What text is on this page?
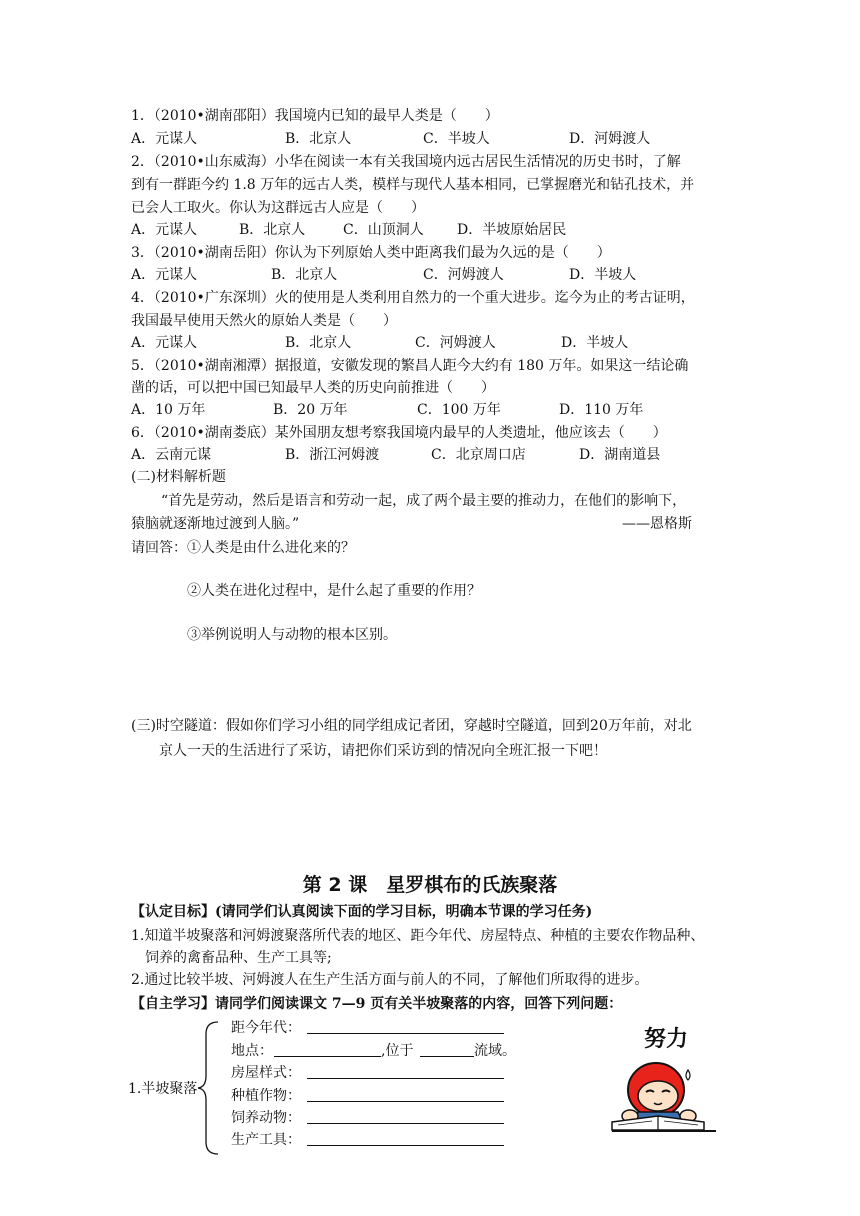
1．（2010•湖南邵阳）我国境内已知的最早人类是（　　）
A．元谋人	B．北京人	C．半坡人	D．河姆渡人
2．（2010•山东威海）小华在阅读一本有关我国境内远古居民生活情况的历史书时，了解
到有一群距今约 1.8 万年的远古人类，模样与现代人基本相同，已掌握磨光和钻孔技术，并
已会人工取火。你认为这群远古人应是（　　）
A．元谋人	B．北京人	C．山顶洞人 D．半坡原始居民
3．（2010•湖南岳阳）你认为下列原始人类中距离我们最为久远的是（　　）
A．元谋人	B．北京人	C．河姆渡人	D．半坡人
4．（2010•广东深圳）火的使用是人类利用自然力的一个重大进步。迄今为止的考古证明，
我国最早使用天然火的原始人类是（　　）
A．元谋人	B．北京人	C．河姆渡人	D．半坡人
5．（2010•湖南湘潭）据报道，安徽发现的繁昌人距今大约有 180 万年。如果这一结论确
凿的话，可以把中国已知最早人类的历史向前推进（　　）
A．10 万年	B．20 万年	C．100 万年	D．110 万年
6．（2010•湖南娄底）某外国朋友想考察我国境内最早的人类遗址，他应该去（　　）
A．云南元谋	B．浙江河姆渡	C．北京周口店	D．湖南道县
(二)材料解析题
“首先是劳动，然后是语言和劳动一起，成了两个最主要的推动力，在他们的影响下，
猿脑就逐渐地过渡到人脑。”	——恩格斯
请回答：①人类是由什么进化来的？
②人类在进化过程中，是什么起了重要的作用？
③举例说明人与动物的根本区别。
(三)时空隧道：假如你们学习小组的同学组成记者团，穿越时空隧道，回到20万年前，对北
京人一天的生活进行了采访，请把你们采访到的情况向全班汇报一下吧！
第 2 课　星罗棋布的氏族聚落
【认定目标】(请同学们认真阅读下面的学习目标，明确本节课的学习任务)
1.知道半坡聚落和河姆渡聚落所代表的地区、距今年代、房屋特点、种植的主要农作物品种、
饲养的禽畜品种、生产工具等;
2.通过比较半坡、河姆渡人在生产生活方面与前人的不同，了解他们所取得的进步。
【自主学习】请同学们阅读课文 7—9 页有关半坡聚落的内容，回答下列问题：
1.半坡聚落
距今年代：
地点：	,位于	流域。
房屋样式：
种植作物：
饲养动物：
生产工具：
努力
